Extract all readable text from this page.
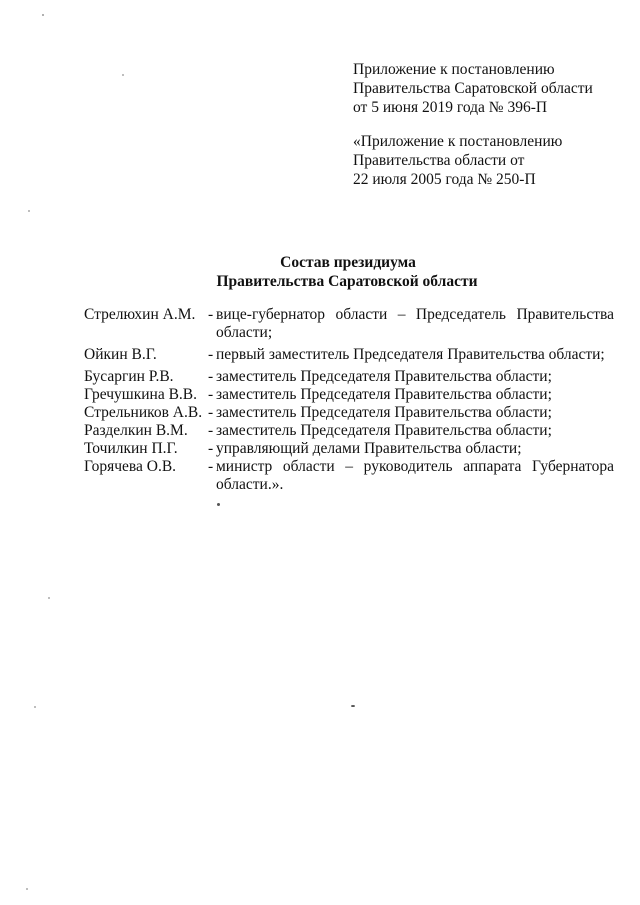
Приложение к постановлению
Правительства Саратовской области
от 5 июня 2019 года № 396-П
«Приложение к постановлению
Правительства области от
22 июля 2005 года № 250-П
Состав президиума
Правительства Саратовской области
Стрелюхин А.М. - вице-губернатор области – Председатель Правительства области;
Ойкин В.Г.	- первый заместитель Председателя Правительства области;
Бусаргин Р.В.	- заместитель Председателя Правительства области;
Гречушкина В.В. - заместитель Председателя Правительства области;
Стрельников А.В. - заместитель Председателя Правительства области;
Разделкин В.М.	- заместитель Председателя Правительства области;
Точилкин П.Г.	- управляющий делами Правительства области;
Горячева О.В.	- министр области – руководитель аппарата Губернатора области.».
